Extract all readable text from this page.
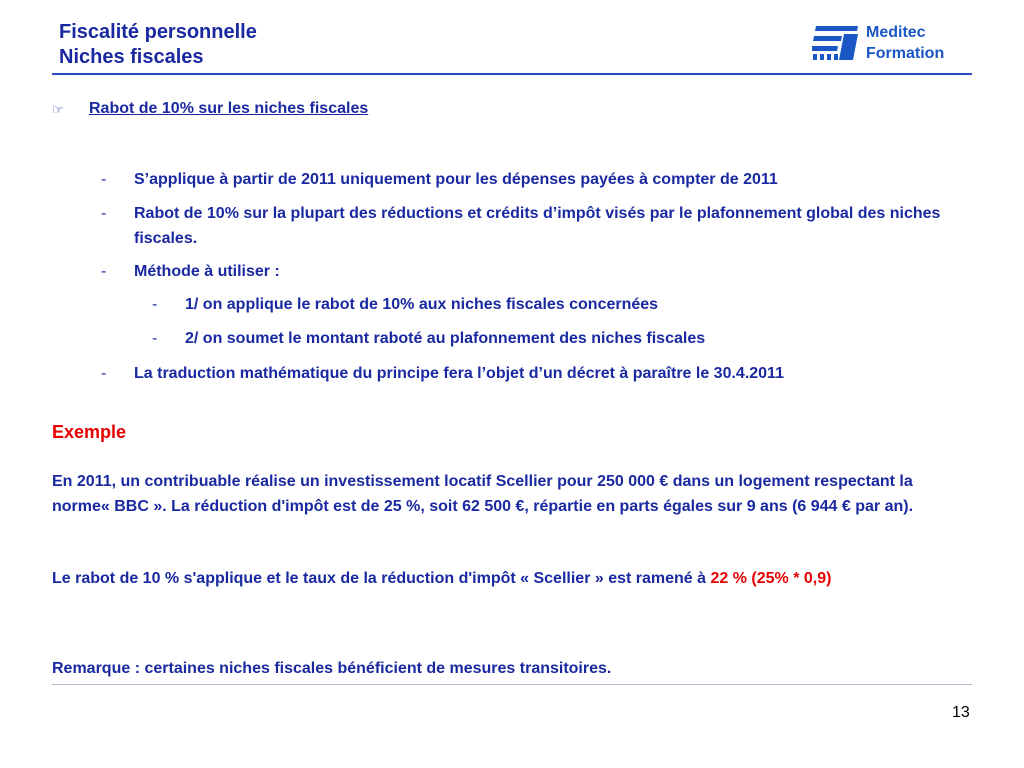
Fiscalité personnelle
Niches fiscales
Meditec
Formation
☞ Rabot de 10% sur les niches fiscales
- S’applique à partir de 2011 uniquement pour les dépenses payées à compter de 2011
- Rabot de 10% sur la plupart des réductions et crédits d’impôt visés par le plafonnement global des niches fiscales.
- Méthode à utiliser :
- 1/ on applique le rabot de 10% aux niches fiscales concernées
- 2/ on soumet le montant raboté au plafonnement des niches fiscales
- La traduction mathématique du principe fera l’objet d’un décret à paraître le 30.4.2011
Exemple
En 2011, un contribuable réalise un investissement locatif Scellier pour 250 000 € dans un logement respectant la norme« BBC ». La réduction d'impôt est de 25 %, soit 62 500 €, répartie en parts égales sur 9 ans (6 944 € par an).
Le rabot de 10 % s'applique et le taux de la réduction d'impôt « Scellier » est ramené à 22 % (25% * 0,9)
Remarque : certaines niches fiscales bénéficient de mesures transitoires.
13
